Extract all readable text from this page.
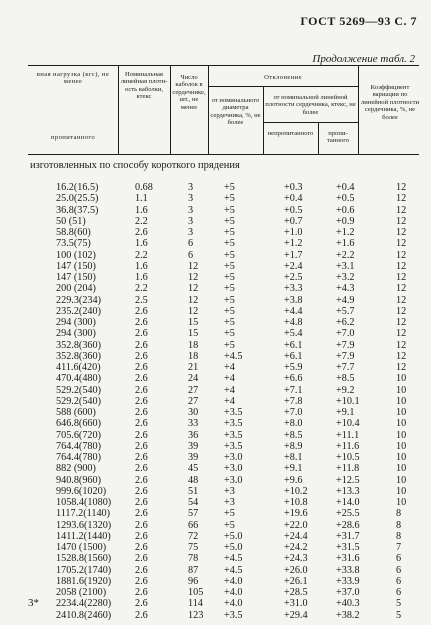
ГОСТ 5269—93 С. 7
Продолжение табл. 2
вная нагрузка (кгс), не менее
пропитанного
Номинальная линейная плотность каболки, ктекс
Число каболок в сердечнике, шт., не менее
Отклонение
от номинального диаметра сердечника, %, не более
от номинальной линейной плотности сердечника, ктекс, не более
непропитанного	пропитанного
Коэффициент вариации по линейной плотности сердечника, %, не более
изготовленных по способу короткого прядения
16.2(16.5)	0.68	3	+5	+0.3	+0.4	12
25.0(25.5)	1.1	3	+5	+0.4	+0.5	12
36.8(37.5)	1.6	3	+5	+0.5	+0.6	12
50 (51)	2.2	3	+5	+0.7	+0.9	12
58.8(60)	2.6	3	+5	+1.0	+1.2	12
73.5(75)	1.6	6	+5	+1.2	+1.6	12
100 (102)	2.2	6	+5	+1.7	+2.2	12
147 (150)	1.6	12	+5	+2.4	+3.1	12
147 (150)	1.6	12	+5	+2.5	+3.2	12
200 (204)	2.2	12	+5	+3.3	+4.3	12
229.3(234)	2.5	12	+5	+3.8	+4.9	12
235.2(240)	2.6	12	+5	+4.4	+5.7	12
294 (300)	2.6	15	+5	+4.8	+6.2	12
294 (300)	2.6	15	+5	+5.4	+7.0	12
352.8(360)	2.6	18	+5	+6.1	+7.9	12
352.8(360)	2.6	18	+4.5	+6.1	+7.9	12
411.6(420)	2.6	21	+4	+5.9	+7.7	12
470.4(480)	2.6	24	+4	+6.6	+8.5	10
529.2(540)	2.6	27	+4	+7.1	+9.2	10
529.2(540)	2.6	27	+4	+7.8	+10.1	10
588 (600)	2.6	30	+3.5	+7.0	+9.1	10
646.8(660)	2.6	33	+3.5	+8.0	+10.4	10
705.6(720)	2.6	36	+3.5	+8.5	+11.1	10
764.4(780)	2.6	39	+3.5	+8.9	+11.6	10
764.4(780)	2.6	39	+3.0	+8.1	+10.5	10
882 (900)	2.6	45	+3.0	+9.1	+11.8	10
940.8(960)	2.6	48	+3.0	+9.6	+12.5	10
999.6(1020)	2.6	51	+3	+10.2	+13.3	10
1058.4(1080) 2.6	54	+3	+10.8	+14.0	10
1117.2(1140) 2.6	57	+5	+19.6	+25.5	8
1293.6(1320) 2.6	66	+5	+22.0	+28.6	8
1411.2(1440) 2.6	72	+5.0	+24.4	+31.7	8
1470 (1500)	2.6	75	+5.0	+24.2	+31.5	7
1528.8(1560) 2.6	78	+4.5	+24.3	+31.6	6
1705.2(1740) 2.6	87	+4.5	+26.0	+33.8	6
1881.6(1920) 2.6	96	+4.0	+26.1	+33.9	6
2058 (2100)	2.6	105 +4.0	+28.5	+37.0	6
2234.4(2280) 2.6	114 +4.0	+31.0	+40.3	5
2410.8(2460) 2.6	123 +3.5	+29.4	+38.2	5
3*
